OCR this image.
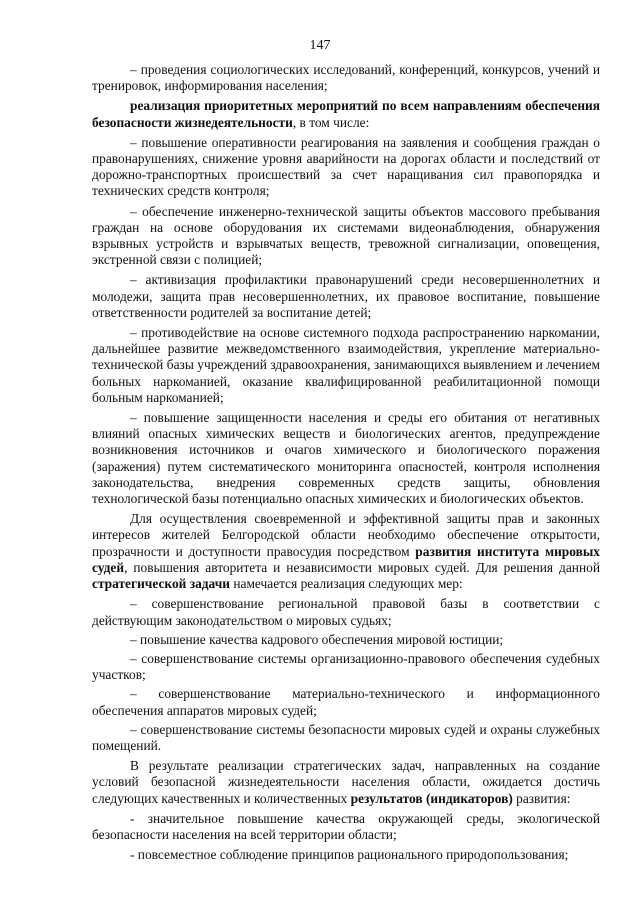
147

– проведения социологических исследований, конференций, конкурсов, учений и тренировок, информирования населения;

реализация приоритетных мероприятий по всем направлениям обеспечения безопасности жизнедеятельности, в том числе:

– повышение оперативности реагирования на заявления и сообщения граждан о правонарушениях, снижение уровня аварийности на дорогах области и последствий от дорожно-транспортных происшествий за счет наращивания сил правопорядка и технических средств контроля;

– обеспечение инженерно-технической защиты объектов массового пребывания граждан на основе оборудования их системами видеонаблюдения, обнаружения взрывных устройств и взрывчатых веществ, тревожной сигнализации, оповещения, экстренной связи с полицией;

– активизация профилактики правонарушений среди несовершеннолетних и молодежи, защита прав несовершеннолетних, их правовое воспитание, повышение ответственности родителей за воспитание детей;

– противодействие на основе системного подхода распространению наркомании, дальнейшее развитие межведомственного взаимодействия, укрепление материально-технической базы учреждений здравоохранения, занимающихся выявлением и лечением больных наркоманией, оказание квалифицированной реабилитационной помощи больным наркоманией;

– повышение защищенности населения и среды его обитания от негативных влияний опасных химических веществ и биологических агентов, предупреждение возникновения источников и очагов химического и биологического поражения (заражения) путем систематического мониторинга опасностей, контроля исполнения законодательства, внедрения современных средств защиты, обновления технологической базы потенциально опасных химических и биологических объектов.

Для осуществления своевременной и эффективной защиты прав и законных интересов жителей Белгородской области необходимо обеспечение открытости, прозрачности и доступности правосудия посредством развития института мировых судей, повышения авторитета и независимости мировых судей. Для решения данной стратегической задачи намечается реализация следующих мер:

– совершенствование региональной правовой базы в соответствии с действующим законодательством о мировых судьях;

– повышение качества кадрового обеспечения мировой юстиции;

– совершенствование системы организационно-правового обеспечения судебных участков;

– совершенствование материально-технического и информационного обеспечения аппаратов мировых судей;

– совершенствование системы безопасности мировых судей и охраны служебных помещений.

В результате реализации стратегических задач, направленных на создание условий безопасной жизнедеятельности населения области, ожидается достичь следующих качественных и количественных результатов (индикаторов) развития:

- значительное повышение качества окружающей среды, экологической безопасности населения на всей территории области;

- повсеместное соблюдение принципов рационального природопользования;
